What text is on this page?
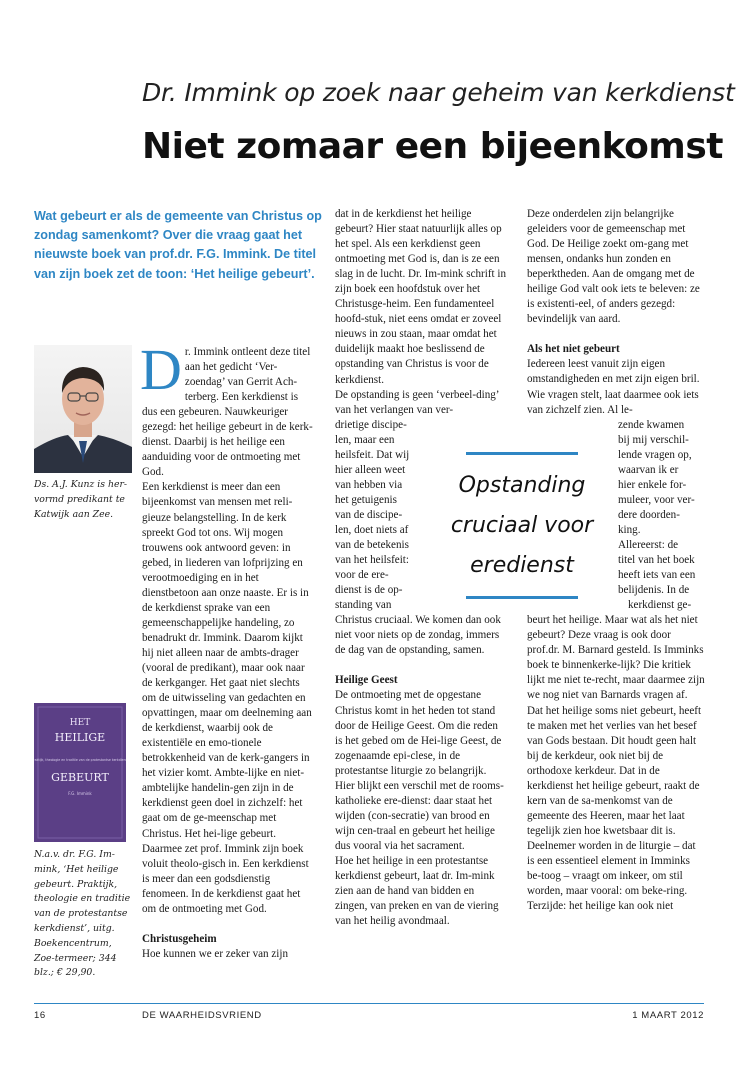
Dr. Immink op zoek naar geheim van kerkdienst
Niet zomaar een bijeenkomst
Wat gebeurt er als de gemeente van Christus op zondag samenkomt? Over die vraag gaat het nieuwste boek van prof.dr. F.G. Immink. De titel van zijn boek zet de toon: ‘Het heilige gebeurt’.
Ds. A.J. Kunz is her-vormd predikant te Katwijk aan Zee.
HET
HEILIGE
Praktijk, theologie en traditie van de protestantse kerkdienst
GEBEURT
F.G. Immink
N.a.v. dr. F.G. Im-mink, ‘Het heilige gebeurt. Praktijk, theologie en traditie van de protestantse kerkdienst’, uitg. Boekencentrum, Zoe-termeer; 344 blz.; € 29,90.
D r. Immink ontleent deze titel aan het gedicht ‘Ver-zoendag’ van Gerrit Ach-terberg. Een kerkdienst is dus een gebeuren. Nauwkeuriger gezegd: het heilige gebeurt in de kerk-dienst. Daarbij is het heilige een aanduiding voor de ontmoeting met God.

Een kerkdienst is meer dan een bijeenkomst van mensen met reli-gieuze belangstelling. In de kerk spreekt God tot ons. Wij mogen trouwens ook antwoord geven: in gebed, in liederen van lofprijzing en verootmoediging en in het dienstbetoon aan onze naaste. Er is in de kerkdienst sprake van een gemeenschappelijke handeling, zo benadrukt dr. Immink. Daarom kijkt hij niet alleen naar de ambts-drager (vooral de predikant), maar ook naar de kerkganger. Het gaat niet slechts om de uitwisseling van gedachten en opvattingen, maar om deelneming aan de kerkdienst, waarbij ook de existentiële en emo-tionele betrokkenheid van de kerk-gangers in het vizier komt. Ambte-lijke en niet-ambtelijke handelin-gen zijn in de kerkdienst geen doel in zichzelf: het gaat om de ge-meenschap met Christus. Het hei-lige gebeurt. Daarmee zet prof. Immink zijn boek voluit theolo-gisch in. Een kerkdienst is meer dan een godsdienstig fenomeen. In de kerkdienst gaat het om de ontmoeting met God.

Christusgeheim

Hoe kunnen we er zeker van zijn

dat in de kerkdienst het heilige gebeurt? Hier staat natuurlijk alles op het spel. Als een kerkdienst geen ontmoeting met God is, dan is ze een slag in de lucht. Dr. Im-mink schrift in zijn boek een hoofdstuk over het Christusge-heim. Een fundamenteel hoofd-stuk, niet eens omdat er zoveel nieuws in zou staan, maar omdat het duidelijk maakt hoe beslissend de opstanding van Christus is voor de kerkdienst.

De opstanding is geen ‘verbeel-ding’ van het verlangen van ver-

drietige discipe-
len, maar een
heilsfeit. Dat wij
hier alleen weet
van hebben via
het getuigenis
van de discipe-
len, doet niets af
van de betekenis
van het heilsfeit:
voor de ere-
dienst is de op-
standing van

Christus cruciaal. We komen dan ook niet voor niets op de zondag, immers de dag van de opstanding, samen.

Heilige Geest

De ontmoeting met de opgestane Christus komt in het heden tot stand door de Heilige Geest. Om die reden is het gebed om de Hei-lige Geest, de zogenaamde epi-clese, in de protestantse liturgie zo belangrijk. Hier blijkt een verschil met de rooms-katholieke ere-dienst: daar staat het wijden (con-secratie) van brood en wijn cen-traal en gebeurt het heilige dus vooral via het sacrament.

Hoe het heilige in een protestantse kerkdienst gebeurt, laat dr. Im-mink zien aan de hand van bidden en zingen, van preken en van de viering van het heilig avondmaal.

Opstanding
cruciaal voor
eredienst

Deze onderdelen zijn belangrijke geleiders voor de gemeenschap met God. De Heilige zoekt om-gang met mensen, ondanks hun zonden en beperktheden. Aan de omgang met de heilige God valt ook iets te beleven: ze is existenti-eel, of anders gezegd: bevindelijk van aard.

Als het niet gebeurt

Iedereen leest vanuit zijn eigen omstandigheden en met zijn eigen bril. Wie vragen stelt, laat daarmee ook iets van zichzelf zien. Al le-

zende kwamen
bij mij verschil-
lende vragen op,
waarvan ik er
hier enkele for-
muleer, voor ver-
dere doorden-
king.
Allereerst: de
titel van het boek
heeft iets van een
belijdenis. In de
kerkdienst ge-

beurt het heilige. Maar wat als het niet gebeurt? Deze vraag is ook door prof.dr. M. Barnard gesteld. Is Imminks boek te binnenkerke-lijk? Die kritiek lijkt me niet te-recht, maar daarmee zijn we nog niet van Barnards vragen af.

Dat het heilige soms niet gebeurt, heeft te maken met het verlies van het besef van Gods bestaan. Dit houdt geen halt bij de kerkdeur, ook niet bij de orthodoxe kerkdeur. Dat in de kerkdienst het heilige gebeurt, raakt de kern van de sa-menkomst van de gemeente des Heeren, maar het laat tegelijk zien hoe kwetsbaar dit is. Deelnemer worden in de liturgie – dat is een essentieel element in Imminks be-toog – vraagt om inkeer, om stil worden, maar vooral: om beke-ring.

Terzijde: het heilige kan ook niet

16	DE WAARHEIDSVRIEND	1 MAART 2012
